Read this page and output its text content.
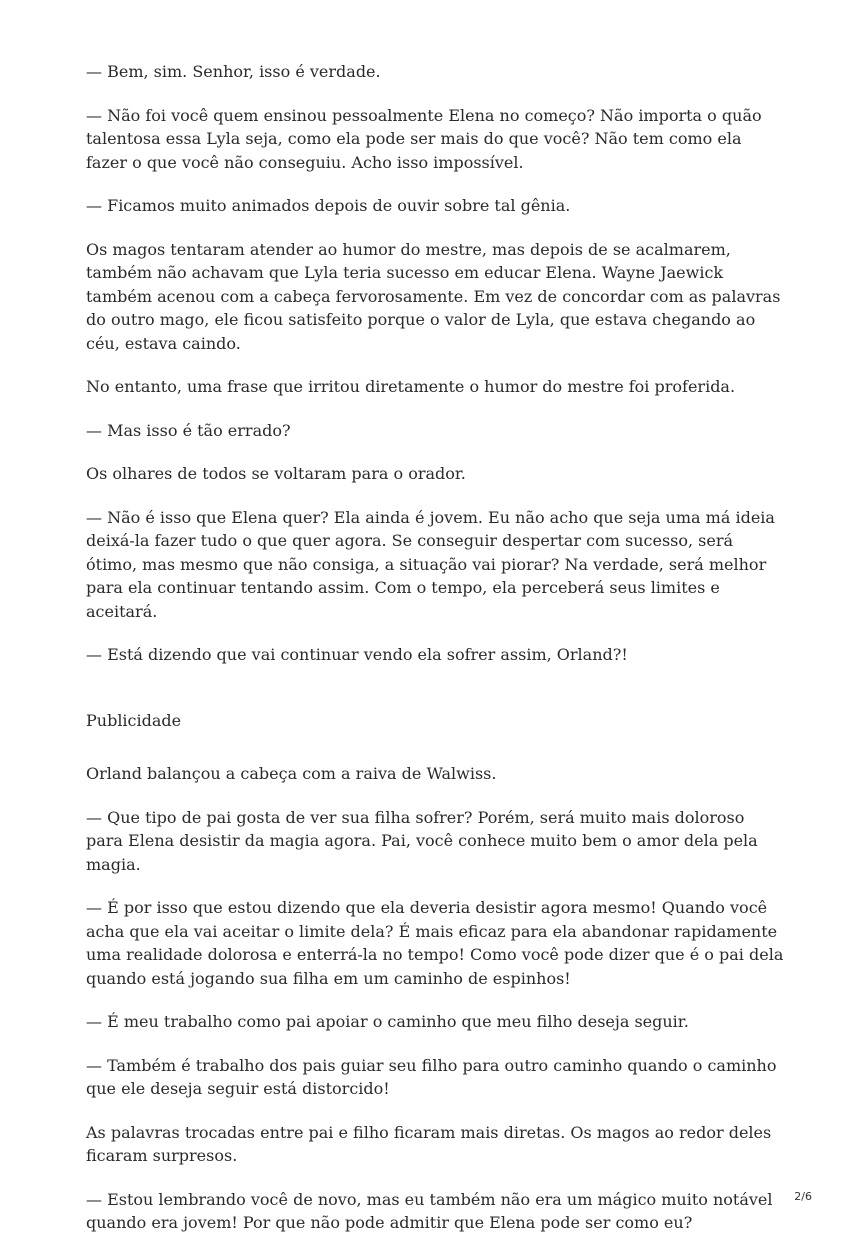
— Bem, sim. Senhor, isso é verdade.

— Não foi você quem ensinou pessoalmente Elena no começo? Não importa o quão talentosa essa Lyla seja, como ela pode ser mais do que você? Não tem como ela fazer o que você não conseguiu. Acho isso impossível.

— Ficamos muito animados depois de ouvir sobre tal gênia.

Os magos tentaram atender ao humor do mestre, mas depois de se acalmarem, também não achavam que Lyla teria sucesso em educar Elena. Wayne Jaewick também acenou com a cabeça fervorosamente. Em vez de concordar com as palavras do outro mago, ele ficou satisfeito porque o valor de Lyla, que estava chegando ao céu, estava caindo.

No entanto, uma frase que irritou diretamente o humor do mestre foi proferida.

— Mas isso é tão errado?

Os olhares de todos se voltaram para o orador.

— Não é isso que Elena quer? Ela ainda é jovem. Eu não acho que seja uma má ideia deixá-la fazer tudo o que quer agora. Se conseguir despertar com sucesso, será ótimo, mas mesmo que não consiga, a situação vai piorar? Na verdade, será melhor para ela continuar tentando assim. Com o tempo, ela perceberá seus limites e aceitará.

— Está dizendo que vai continuar vendo ela sofrer assim, Orland?!

Publicidade

Orland balançou a cabeça com a raiva de Walwiss.

— Que tipo de pai gosta de ver sua filha sofrer? Porém, será muito mais doloroso para Elena desistir da magia agora. Pai, você conhece muito bem o amor dela pela magia.

— É por isso que estou dizendo que ela deveria desistir agora mesmo! Quando você acha que ela vai aceitar o limite dela? É mais eficaz para ela abandonar rapidamente uma realidade dolorosa e enterrá-la no tempo! Como você pode dizer que é o pai dela quando está jogando sua filha em um caminho de espinhos!

— É meu trabalho como pai apoiar o caminho que meu filho deseja seguir.

— Também é trabalho dos pais guiar seu filho para outro caminho quando o caminho que ele deseja seguir está distorcido!

As palavras trocadas entre pai e filho ficaram mais diretas. Os magos ao redor deles ficaram surpresos.

— Estou lembrando você de novo, mas eu também não era um mágico muito notável quando era jovem! Por que não pode admitir que Elena pode ser como eu?

2/6
